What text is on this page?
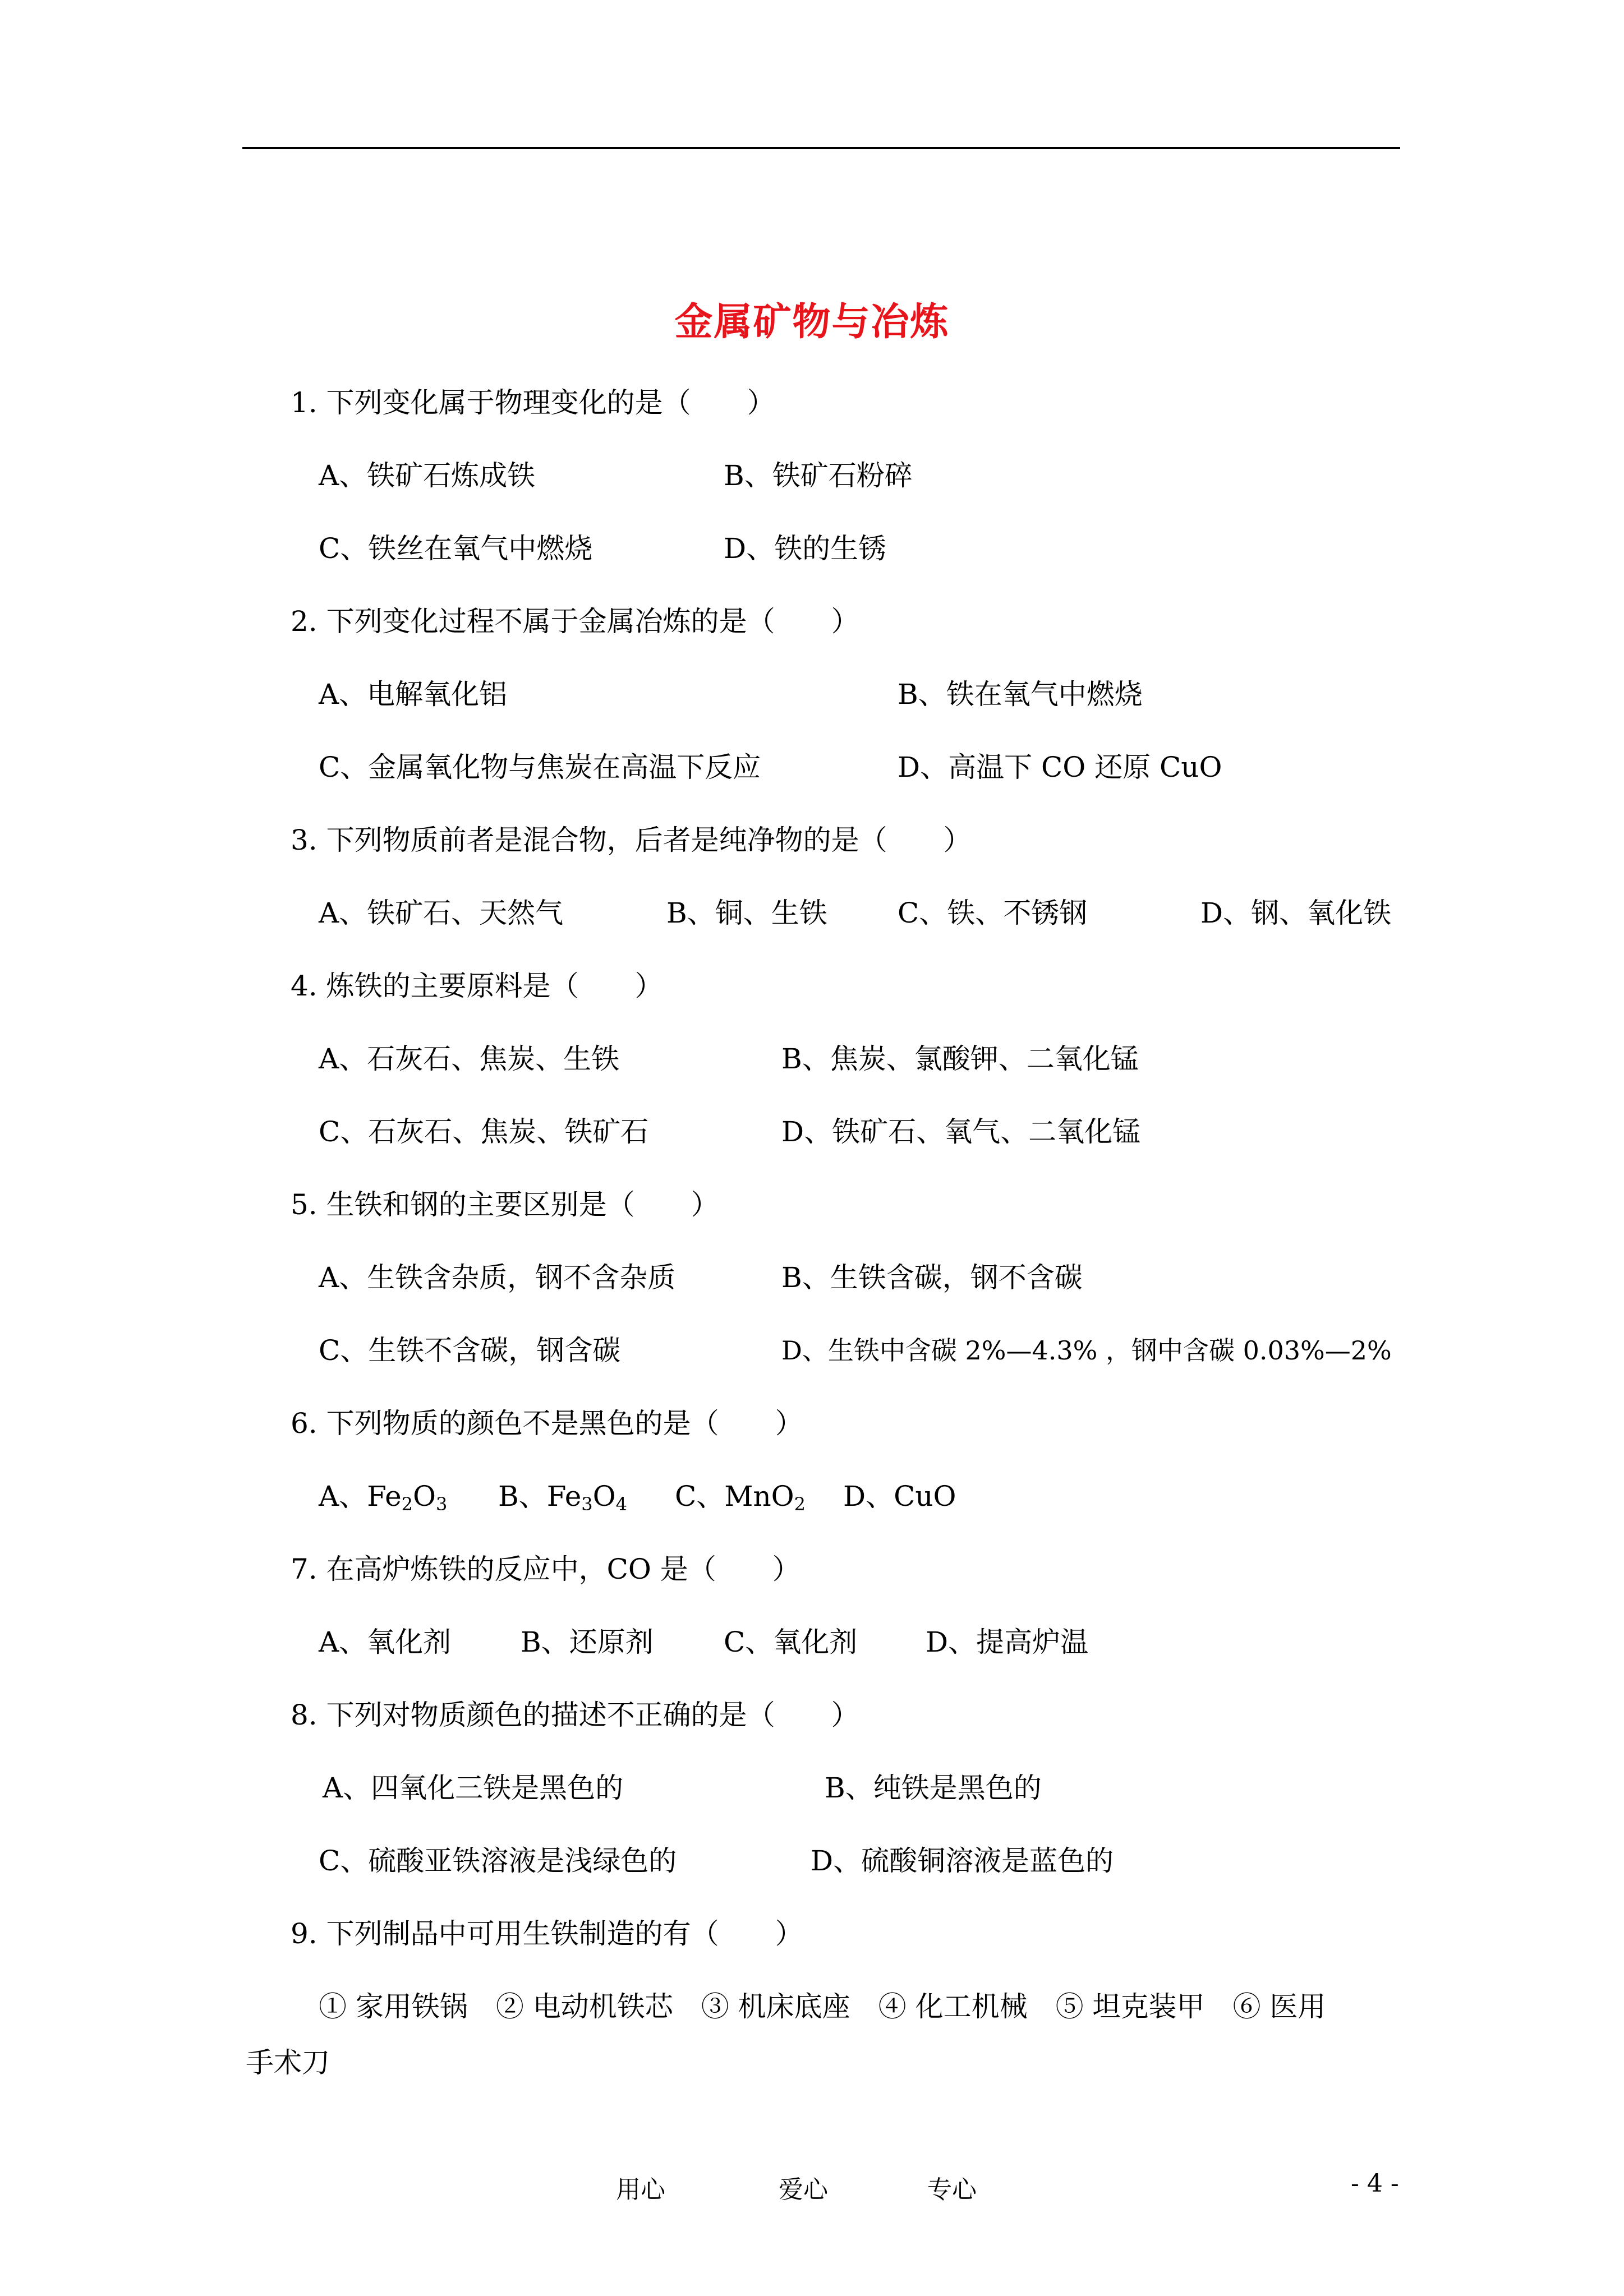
金属矿物与冶炼
1. 下列变化属于物理变化的是（　　）
A、铁矿石炼成铁	B、铁矿石粉碎
C、铁丝在氧气中燃烧	D、铁的生锈
2. 下列变化过程不属于金属冶炼的是（　　）
A、电解氧化铝	B、铁在氧气中燃烧
C、金属氧化物与焦炭在高温下反应	D、高温下 CO 还原 CuO
3. 下列物质前者是混合物，后者是纯净物的是（　　）
A、铁矿石、天然气	B、铜、生铁	C、铁、不锈钢	D、钢、氧化铁
4. 炼铁的主要原料是（　　）
A、石灰石、焦炭、生铁	B、焦炭、氯酸钾、二氧化锰
C、石灰石、焦炭、铁矿石	D、铁矿石、氧气、二氧化锰
5. 生铁和钢的主要区别是（　　）
A、生铁含杂质，钢不含杂质	B、生铁含碳，钢不含碳
C、生铁不含碳，钢含碳	D、生铁中含碳 2%—4.3% ，钢中含碳 0.03%—2%
6. 下列物质的颜色不是黑色的是（　　）
A、$Fe_2O_3$ B、$Fe_3O_4$ C、MnO$_2$ D、CuO
7. 在高炉炼铁的反应中，CO 是（　　）
A、氧化剂 B、还原剂	C、氧化剂 D、提高炉温
8. 下列对物质颜色的描述不正确的是（　　）
A、四氧化三铁是黑色的	B、纯铁是黑色的
C、硫酸亚铁溶液是浅绿色的	D、硫酸铜溶液是蓝色的
9. 下列制品中可用生铁制造的有（　　）
① 家用铁锅　② 电动机铁芯　③ 机床底座　④ 化工机械　⑤ 坦克装甲　⑥ 医用
手术刀
用心	爱心	专心	- 4 -
